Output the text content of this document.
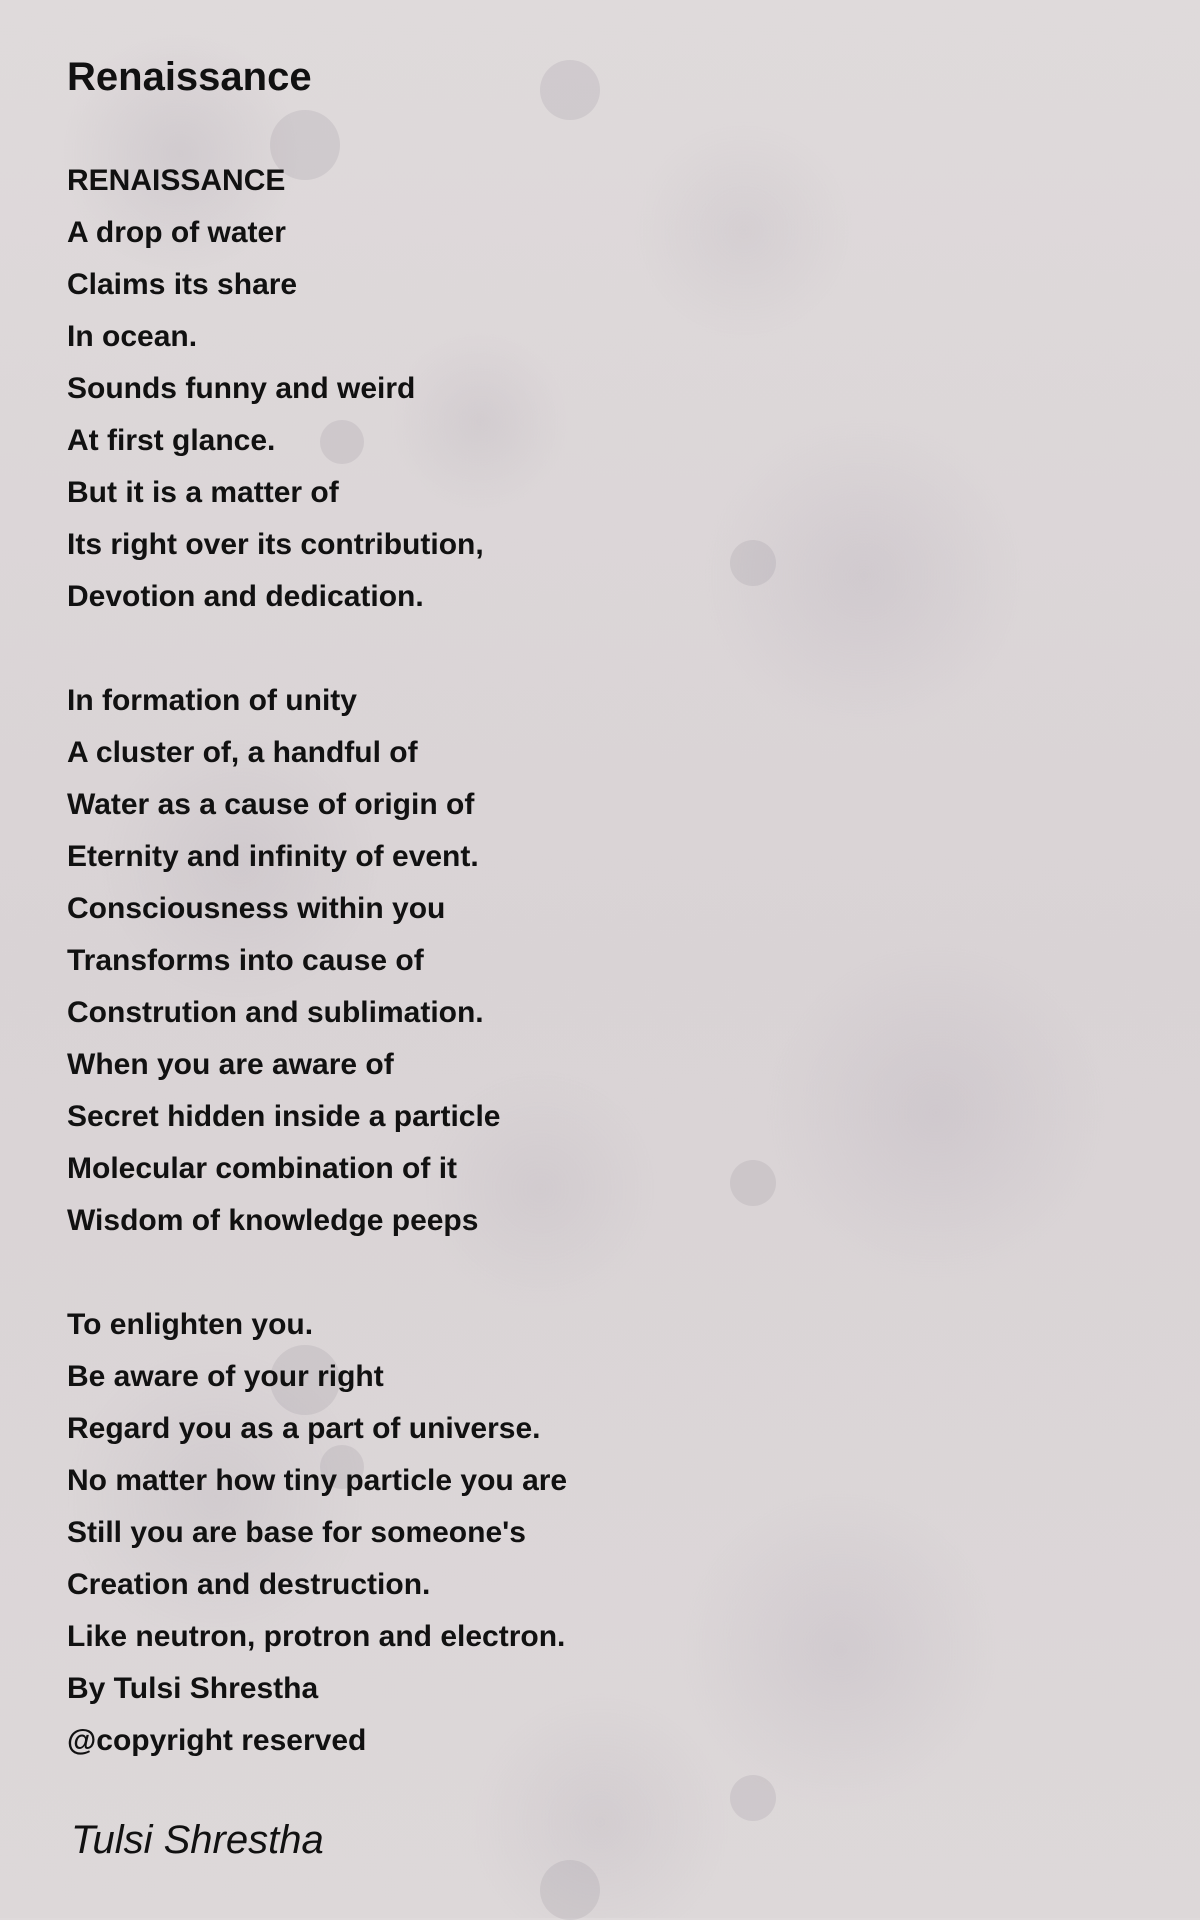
Renaissance
RENAISSANCE
A drop of water
Claims its share
In ocean.
Sounds funny and weird
At first glance.
But it is a matter of
Its right over its contribution,
Devotion and dedication.
In formation of unity
A cluster of, a handful of
Water as a cause of origin of
Eternity and infinity of event.
Consciousness within you
Transforms into cause of
Constrution and sublimation.
When you are aware of
Secret hidden inside a particle
Molecular combination of it
Wisdom of knowledge peeps
To enlighten you.
Be aware of your right
Regard you as a part of universe.
No matter how tiny particle you are
Still you are base for someone's
Creation and destruction.
Like neutron, protron and electron.
By Tulsi Shrestha
@copyright reserved
Tulsi Shrestha
